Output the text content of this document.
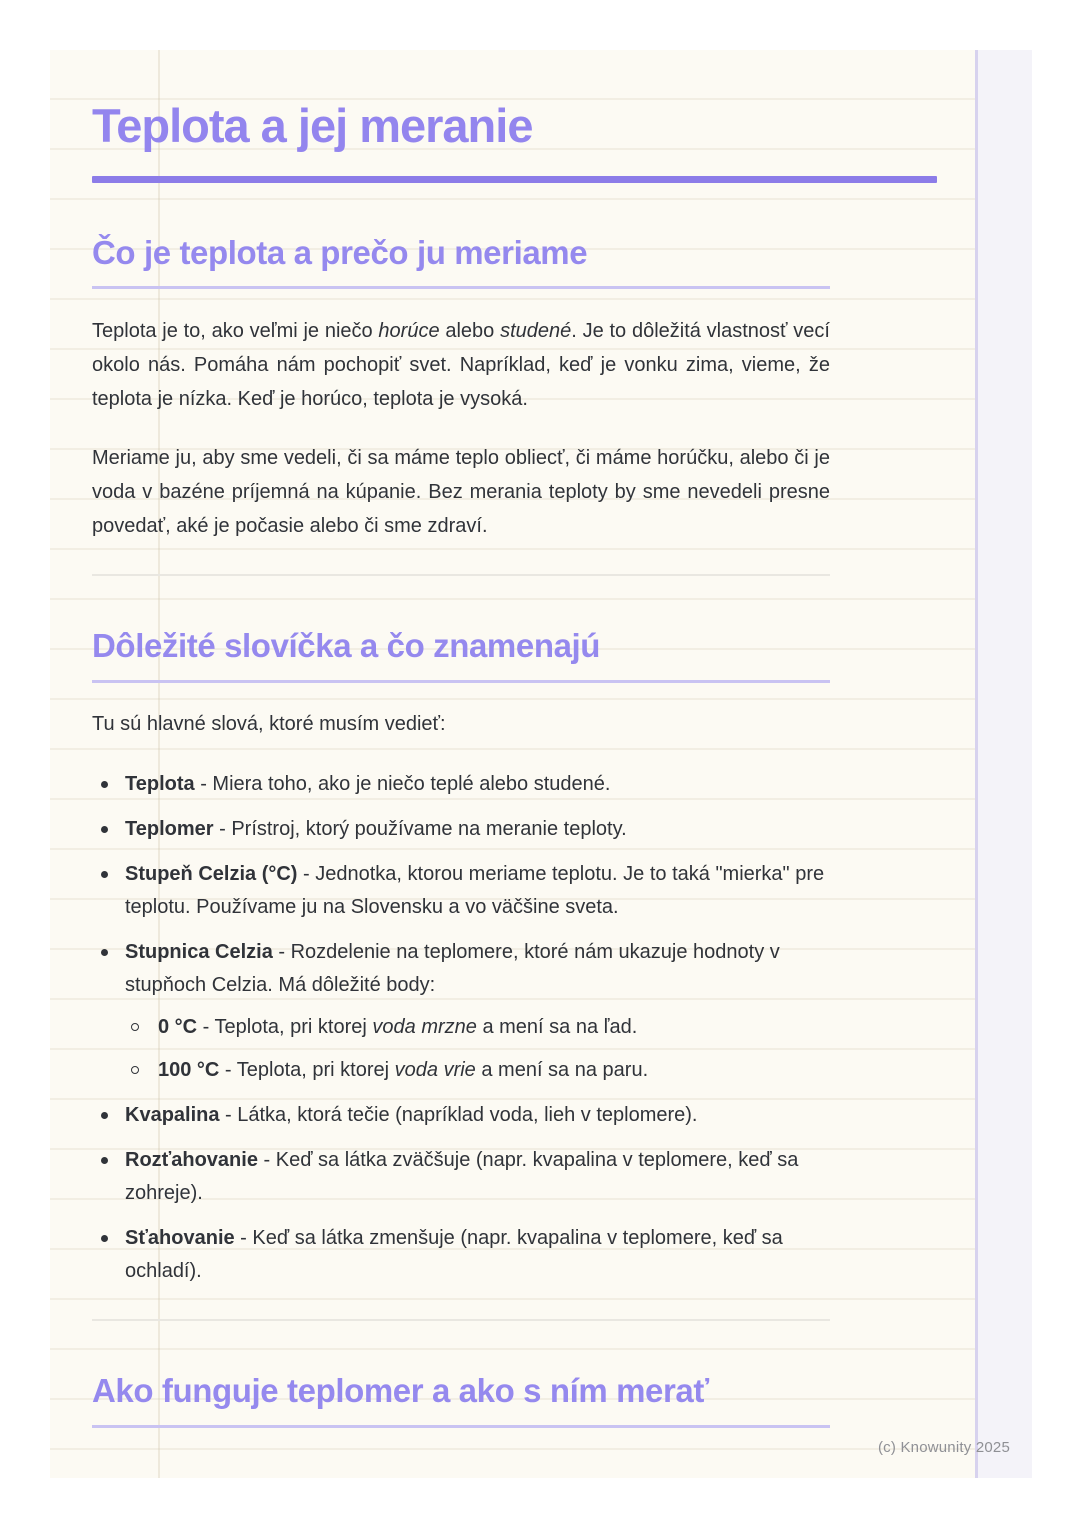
Teplota a jej meranie
Čo je teplota a prečo ju meriame

Teplota je to, ako veľmi je niečo horúce alebo studené. Je to dôležitá vlastnosť vecí okolo nás. Pomáha nám pochopiť svet. Napríklad, keď je vonku zima, vieme, že teplota je nízka. Keď je horúco, teplota je vysoká.

Meriame ju, aby sme vedeli, či sa máme teplo obliecť, či máme horúčku, alebo či je voda v bazéne príjemná na kúpanie. Bez merania teploty by sme nevedeli presne povedať, aké je počasie alebo či sme zdraví.

Dôležité slovíčka a čo znamenajú

Tu sú hlavné slová, ktoré musím vedieť:

Teplota - Miera toho, ako je niečo teplé alebo studené.
Teplomer - Prístroj, ktorý používame na meranie teploty.
Stupeň Celzia (°C) - Jednotka, ktorou meriame teplotu. Je to taká "mierka" pre teplotu. Používame ju na Slovensku a vo väčšine sveta.
Stupnica Celzia - Rozdelenie na teplomere, ktoré nám ukazuje hodnoty v stupňoch Celzia. Má dôležité body:
0 °C - Teplota, pri ktorej voda mrzne a mení sa na ľad.
100 °C - Teplota, pri ktorej voda vrie a mení sa na paru.
Kvapalina - Látka, ktorá tečie (napríklad voda, lieh v teplomere).
Rozťahovanie - Keď sa látka zväčšuje (napr. kvapalina v teplomere, keď sa zohreje).
Sťahovanie - Keď sa látka zmenšuje (napr. kvapalina v teplomere, keď sa ochladí).
Ako funguje teplomer a ako s ním merať
(c) Knowunity 2025
